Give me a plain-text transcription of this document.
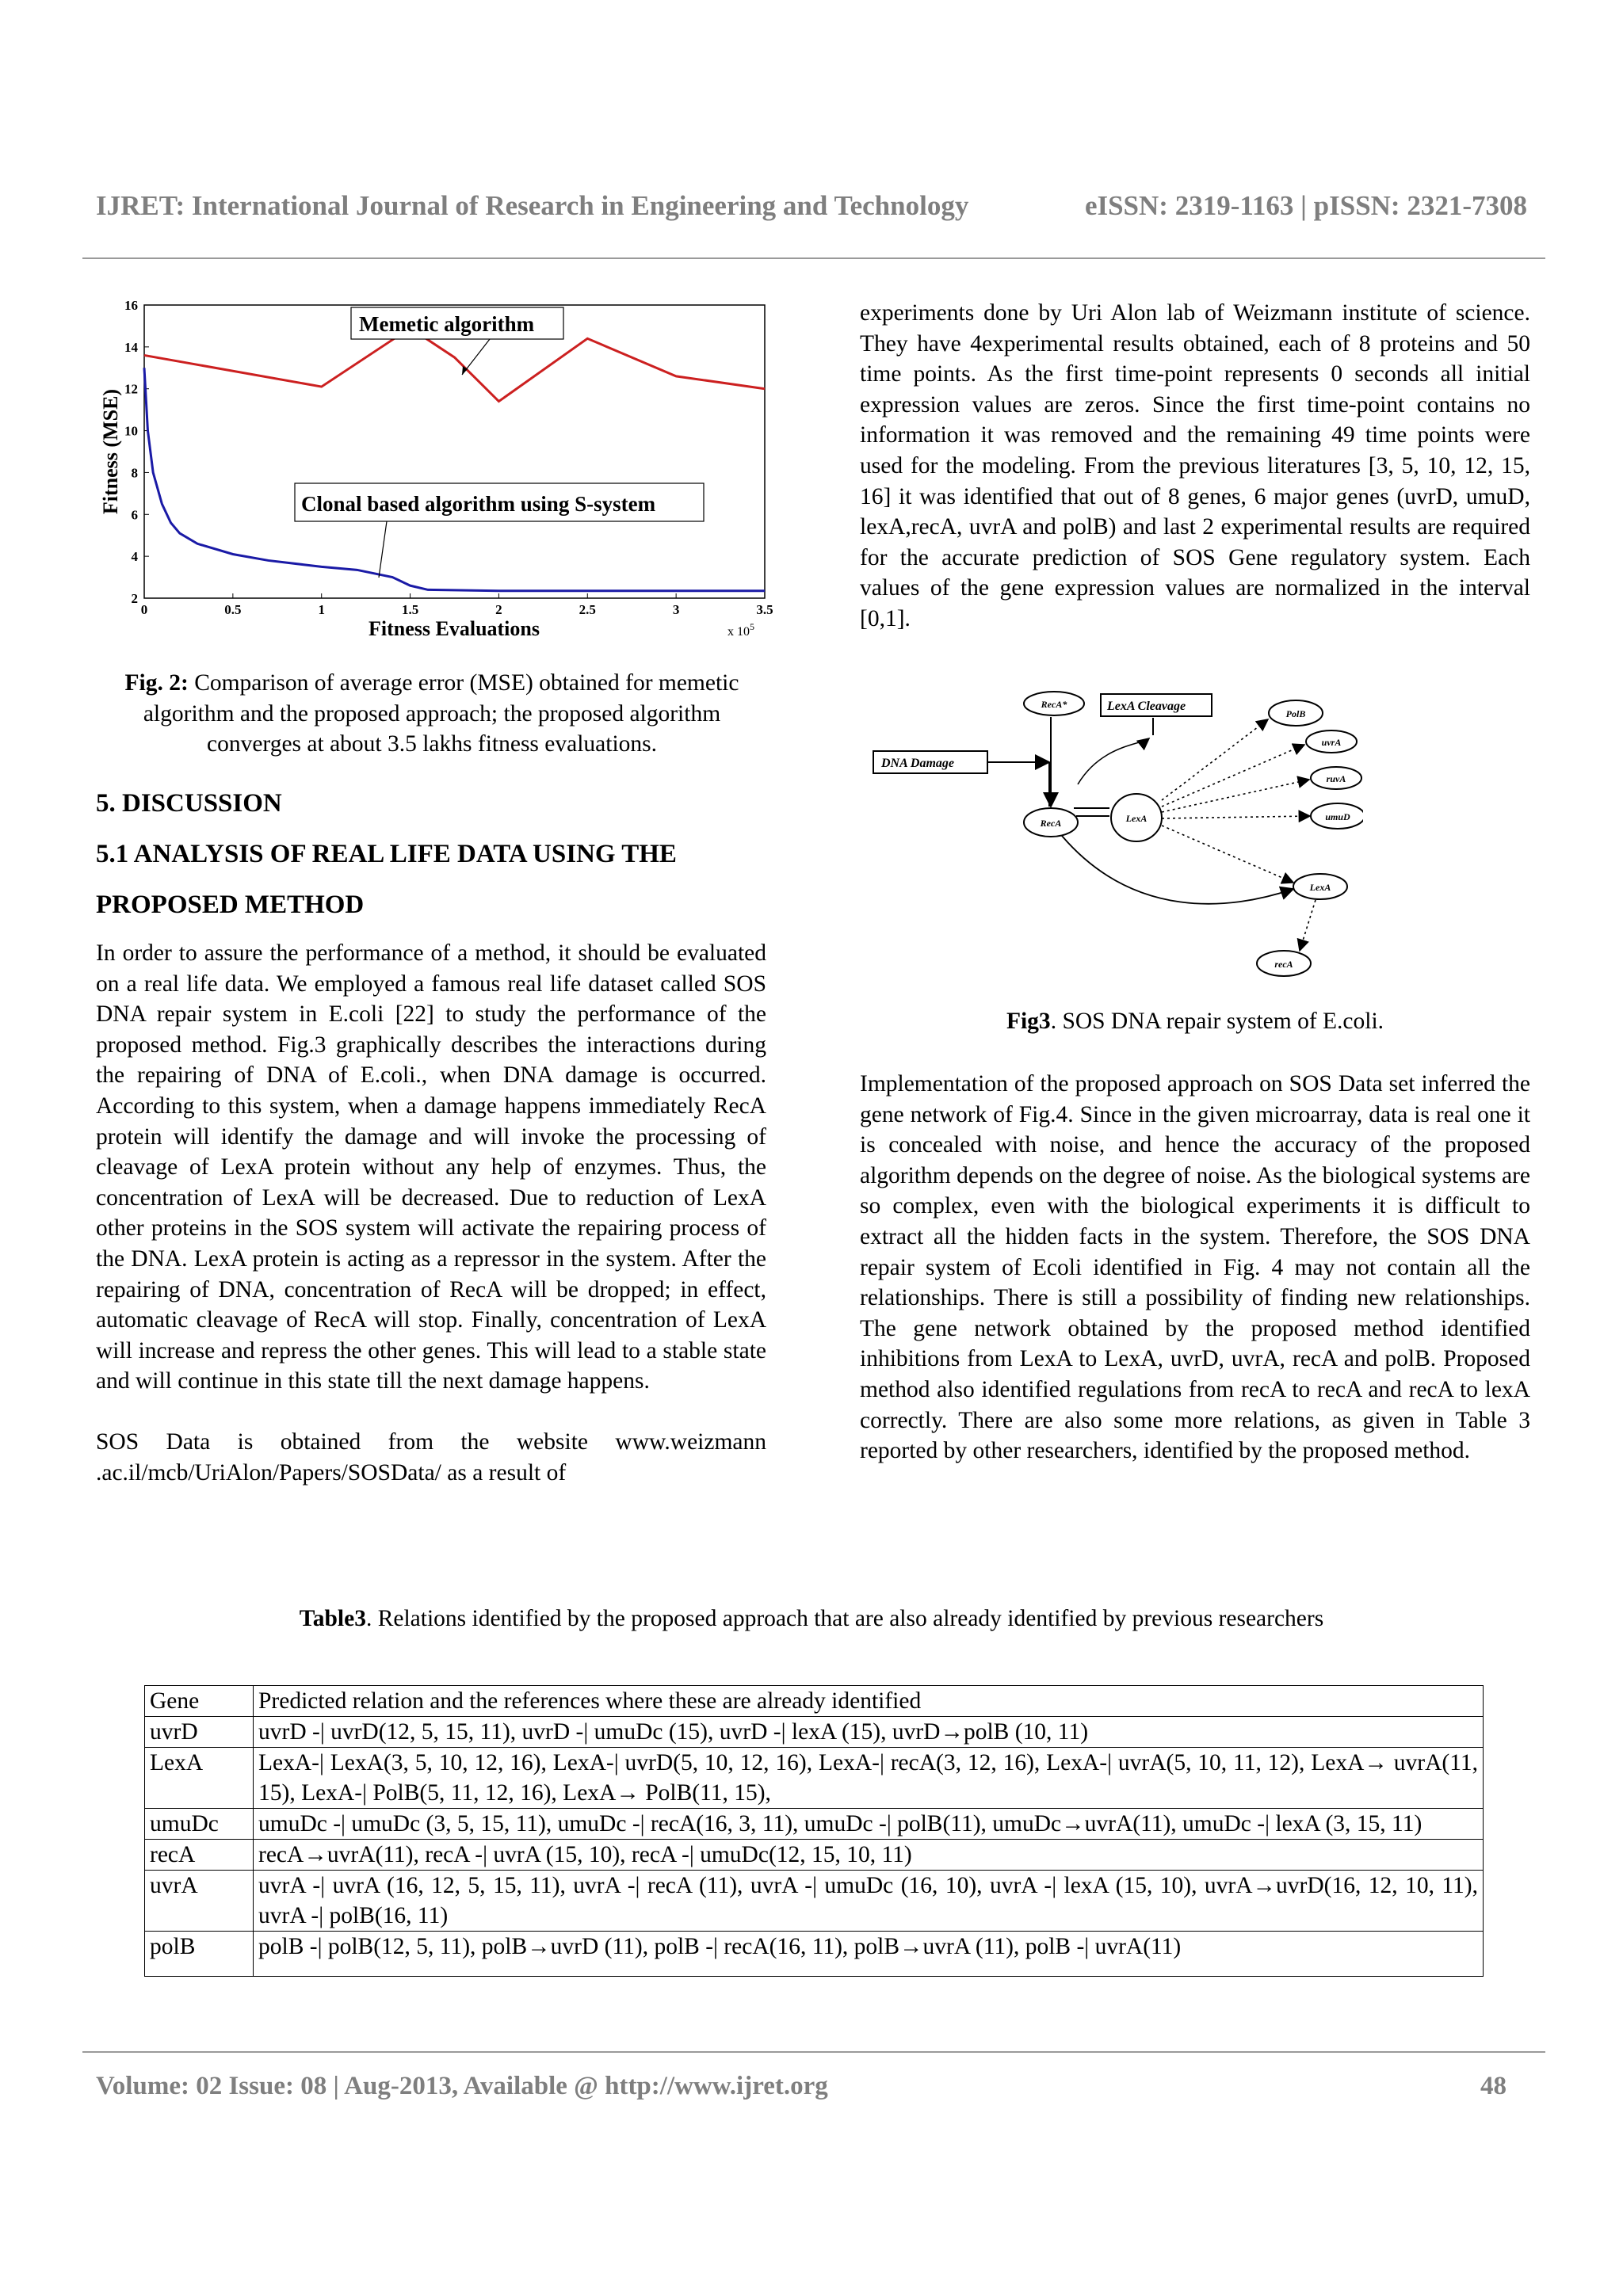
IJRET: International Journal of Research in Engineering and Technology	eISSN: 2319-1163 | pISSN: 2321-7308
2
4
6
8
10
12
14
16
0	0.5	1	1.5	2	2.5	3	3.5
Memetic algorithm
Clonal based algorithm using S-system
Fitness (MSE)
Fitness Evaluations	x $10^5$
Fig. 2: Comparison of average error (MSE) obtained for memetic algorithm and the proposed approach; the proposed algorithm converges at about 3.5 lakhs fitness evaluations.
5. DISCUSSION
5.1 ANALYSIS OF REAL LIFE DATA USING THE
PROPOSED METHOD

In order to assure the performance of a method, it should be evaluated on a real life data. We employed a famous real life dataset called SOS DNA repair system in E.coli [22] to study the performance of the proposed method. Fig.3 graphically describes the interactions during the repairing of DNA of E.coli., when DNA damage is occurred. According to this system, when a damage happens immediately RecA protein will identify the damage and will invoke the processing of cleavage of LexA protein without any help of enzymes. Thus, the concentration of LexA will be decreased. Due to reduction of LexA other proteins in the SOS system will activate the repairing process of the DNA. LexA protein is acting as a repressor in the system. After the repairing of DNA, concentration of RecA will be dropped; in effect, automatic cleavage of RecA will stop. Finally, concentration of LexA will increase and repress the other genes. This will lead to a stable state and will continue in this state till the next damage happens.

SOS Data is obtained from the website www.weizmann .ac.il/mcb/UriAlon/Papers/SOSData/ as a result of

experiments done by Uri Alon lab of Weizmann institute of science. They have 4experimental results obtained, each of 8 proteins and 50 time points. As the first time-point represents 0 seconds all initial expression values are zeros. Since the first time-point contains no information it was removed and the remaining 49 time points were used for the modeling. From the previous literatures [3, 5, 10, 12, 15, 16] it was identified that out of 8 genes, 6 major genes (uvrD, umuD, lexA,recA, uvrA and polB) and last 2 experimental results are required for the accurate prediction of SOS Gene regulatory system. Each values of the gene expression values are normalized in the interval [0,1].

DNA Damage
LexA Cleavage
RecA*
RecA	LexA
PolB
uvrA
ruvA
umuD
LexA
recA
Fig3. SOS DNA repair system of E.coli.

Implementation of the proposed approach on SOS Data set inferred the gene network of Fig.4. Since in the given microarray, data is real one it is concealed with noise, and hence the accuracy of the proposed algorithm depends on the degree of noise. As the biological systems are so complex, even with the biological experiments it is difficult to extract all the hidden facts in the system. Therefore, the SOS DNA repair system of Ecoli identified in Fig. 4 may not contain all the relationships. There is still a possibility of finding new relationships. The gene network obtained by the proposed method identified inhibitions from LexA to LexA, uvrD, uvrA, recA and polB. Proposed method also identified regulations from recA to recA and recA to lexA correctly. There are also some more relations, as given in Table 3 reported by other researchers, identified by the proposed method.

Table3. Relations identified by the proposed approach that are also already identified by previous researchers
Gene	Predicted relation and the references where these are already identified
uvrD	uvrD -| uvrD(12, 5, 15, 11), uvrD -| umuDc (15), uvrD -| lexA (15), uvrD→polB (10, 11)
LexA	LexA-| LexA(3, 5, 10, 12, 16), LexA-| uvrD(5, 10, 12, 16), LexA-| recA(3, 12, 16), LexA-| uvrA(5, 10, 11, 12), LexA→ uvrA(11, 15), LexA-| PolB(5, 11, 12, 16), LexA→ PolB(11, 15),
umuDc	umuDc -| umuDc (3, 5, 15, 11), umuDc -| recA(16, 3, 11), umuDc -| polB(11), umuDc→uvrA(11), umuDc -| lexA (3, 15, 11)
recA	recA→uvrA(11), recA -| uvrA (15, 10), recA -| umuDc(12, 15, 10, 11)
uvrA	uvrA -| uvrA (16, 12, 5, 15, 11), uvrA -| recA (11), uvrA -| umuDc (16, 10), uvrA -| lexA (15, 10), uvrA→uvrD(16, 12, 10, 11), uvrA -| polB(16, 11)
polB	polB -| polB(12, 5, 11), polB→uvrD (11), polB -| recA(16, 11), polB→uvrA (11), polB -| uvrA(11)
Volume: 02 Issue: 08 | Aug-2013, Available @ http://www.ijret.org	48
